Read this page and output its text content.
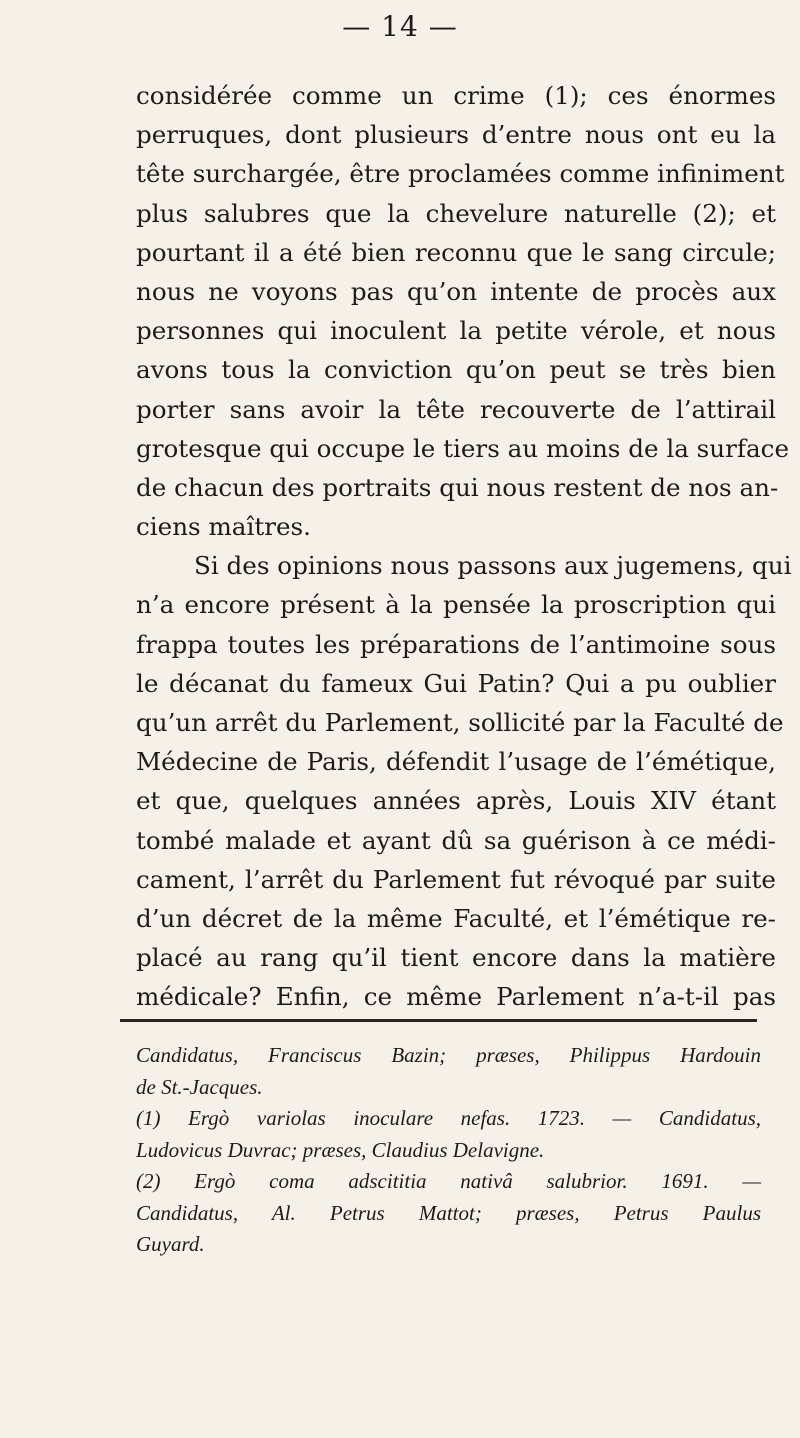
— 14 —
considérée comme un crime (1); ces énormes
perruques, dont plusieurs d’entre nous ont eu la
tête surchargée, être proclamées comme infiniment
plus salubres que la chevelure naturelle (2); et
pourtant il a été bien reconnu que le sang circule;
nous ne voyons pas qu’on intente de procès aux
personnes qui inoculent la petite vérole, et nous
avons tous la conviction qu’on peut se très bien
porter sans avoir la tête recouverte de l’attirail
grotesque qui occupe le tiers au moins de la surface
de chacun des portraits qui nous restent de nos an-
ciens maîtres.
Si des opinions nous passons aux jugemens, qui
n’a encore présent à la pensée la proscription qui
frappa toutes les préparations de l’antimoine sous
le décanat du fameux Gui Patin? Qui a pu oublier
qu’un arrêt du Parlement, sollicité par la Faculté de
Médecine de Paris, défendit l’usage de l’émétique,
et que, quelques années après, Louis XIV étant
tombé malade et ayant dû sa guérison à ce médi-
cament, l’arrêt du Parlement fut révoqué par suite
d’un décret de la même Faculté, et l’émétique re-
placé au rang qu’il tient encore dans la matière
médicale? Enfin, ce même Parlement n’a-t-il pas
Candidatus, Franciscus Bazin; præses, Philippus Hardouin
de St.-Jacques.
(1) Ergò variolas inoculare nefas. 1723. — Candidatus,
Ludovicus Duvrac; præses, Claudius Delavigne.
(2) Ergò coma adscititia nativâ salubrior. 1691. —
Candidatus, Al. Petrus Mattot; præses, Petrus Paulus
Guyard.
